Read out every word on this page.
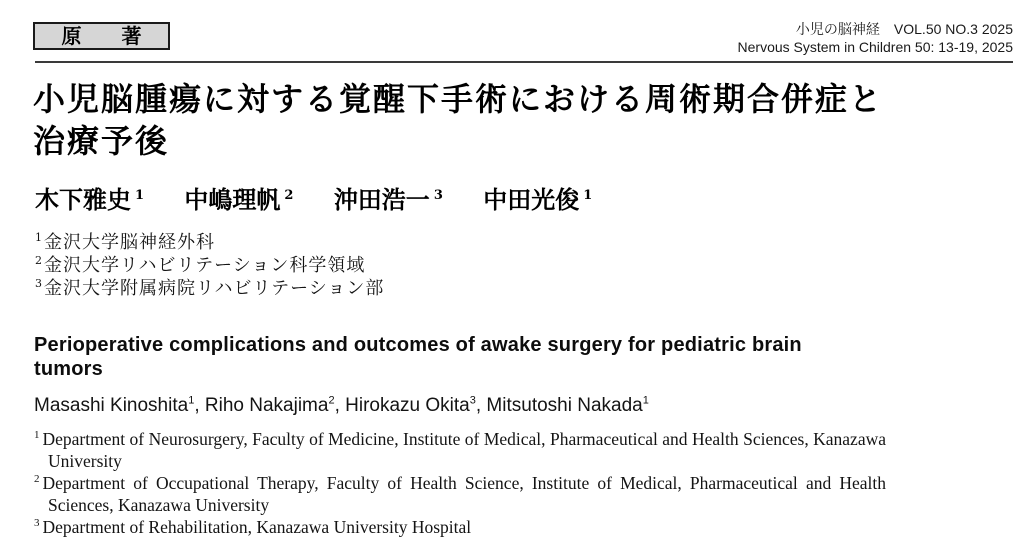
原　著	小児の脳神経　VOL.50 NO.3 2025
Nervous System in Children 50: 13-19, 2025
小児脳腫瘍に対する覚醒下手術における周術期合併症と
治療予後
木下雅史 $^1$ 中嶋理帆 $^2$ 沖田浩一 $^3$ 中田光俊 $^1$
$^1$ 金沢大学脳神経外科
$^2$ 金沢大学リハビリテーション科学領域
$^3$ 金沢大学附属病院リハビリテーション部
Perioperative complications and outcomes of awake surgery for pediatric brain
tumors
Masashi Kinoshita$^1$, Riho Nakajima$^2$, Hirokazu Okita$^3$, Mitsutoshi Nakada$^1$
$^1$ Department of Neurosurgery, Faculty of Medicine, Institute of Medical, Pharmaceutical and Health Sciences, Kanazawa University
$^2$ Department of Occupational Therapy, Faculty of Health Science, Institute of Medical, Pharmaceutical and Health Sciences, Kanazawa University
$^3$ Department of Rehabilitation, Kanazawa University Hospital
